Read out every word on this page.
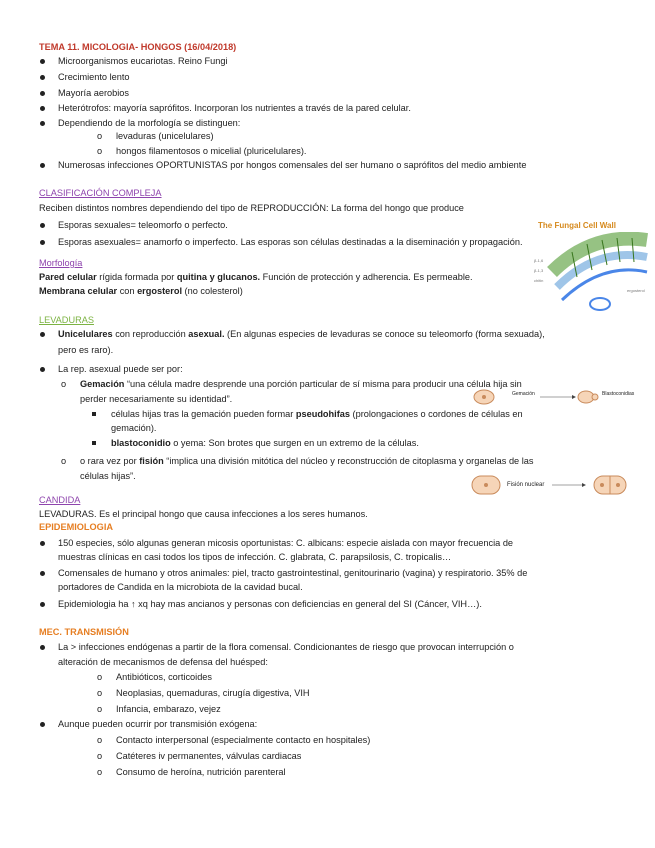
TEMA 11. MICOLOGIA- HONGOS (16/04/2018)
Microorganismos eucariotas. Reino Fungi
Crecimiento lento
Mayoría aerobios
Heterótrofos: mayoría saprófitos. Incorporan los nutrientes a través de la pared celular.
Dependiendo de la morfología se distinguen:
o levaduras (unicelulares)
o hongos filamentosos o micelial (pluricelulares).
Numerosas infecciones OPORTUNISTAS por hongos comensales del ser humano o saprófitos del medio ambiente
CLASIFICACIÓN COMPLEJA
Reciben distintos nombres dependiendo del tipo de REPRODUCCIÓN: La forma del hongo que produce
Esporas sexuales= teleomorfo o perfecto.
Esporas asexuales= anamorfo o imperfecto. Las esporas son células destinadas a la diseminación y propagación.
Morfología
Pared celular rígida formada por quitina y glucanos. Función de protección y adherencia. Es permeable.
Membrana celular con ergosterol (no colesterol)
The Fungal Cell Wall
β-1,6
β-1,3
chitin
ergosterol
LEVADURAS
Unicelulares con reproducción asexual. (En algunas especies de levaduras se conoce su teleomorfo (forma sexuada),
pero es raro).
La rep. asexual puede ser por:
o Gemación “una célula madre desprende una porción particular de sí misma para producir una célula hija sin
perder necesariamente su identidad”.
células hijas tras la gemación pueden formar pseudohifas (prolongaciones o cordones de células en
gemación).
blastoconidio o yema: Son brotes que surgen en un extremo de la células.
o o rara vez por fisión “implica una división mitótica del núcleo y reconstrucción de citoplasma y organelas de las
células hijas”.
Gemación	Blastoconidias
Fisión nuclear
CANDIDA
LEVADURAS. Es el principal hongo que causa infecciones a los seres humanos.
EPIDEMIOLOGIA
150 especies, sólo algunas generan micosis oportunistas: C. albicans: especie aislada con mayor frecuencia de
muestras clínicas en casi todos los tipos de infección. C. glabrata, C. parapsilosis, C. tropicalis…
Comensales de humano y otros animales: piel, tracto gastrointestinal, genitourinario (vagina) y respiratorio. 35% de
portadores de Candida en la microbiota de la cavidad bucal.
Epidemiologia ha ↑ xq hay mas ancianos y personas con deficiencias en general del SI (Cáncer, VIH…).
MEC. TRANSMISIÓN
La > infecciones endógenas a partir de la flora comensal. Condicionantes de riesgo que provocan interrupción o
alteración de mecanismos de defensa del huésped:
o Antibióticos, corticoides
o Neoplasias, quemaduras, cirugía digestiva, VIH
o Infancia, embarazo, vejez
Aunque pueden ocurrir por transmisión exógena:
o Contacto interpersonal (especialmente contacto en hospitales)
o Catéteres iv permanentes, válvulas cardiacas
o Consumo de heroína, nutrición parenteral
